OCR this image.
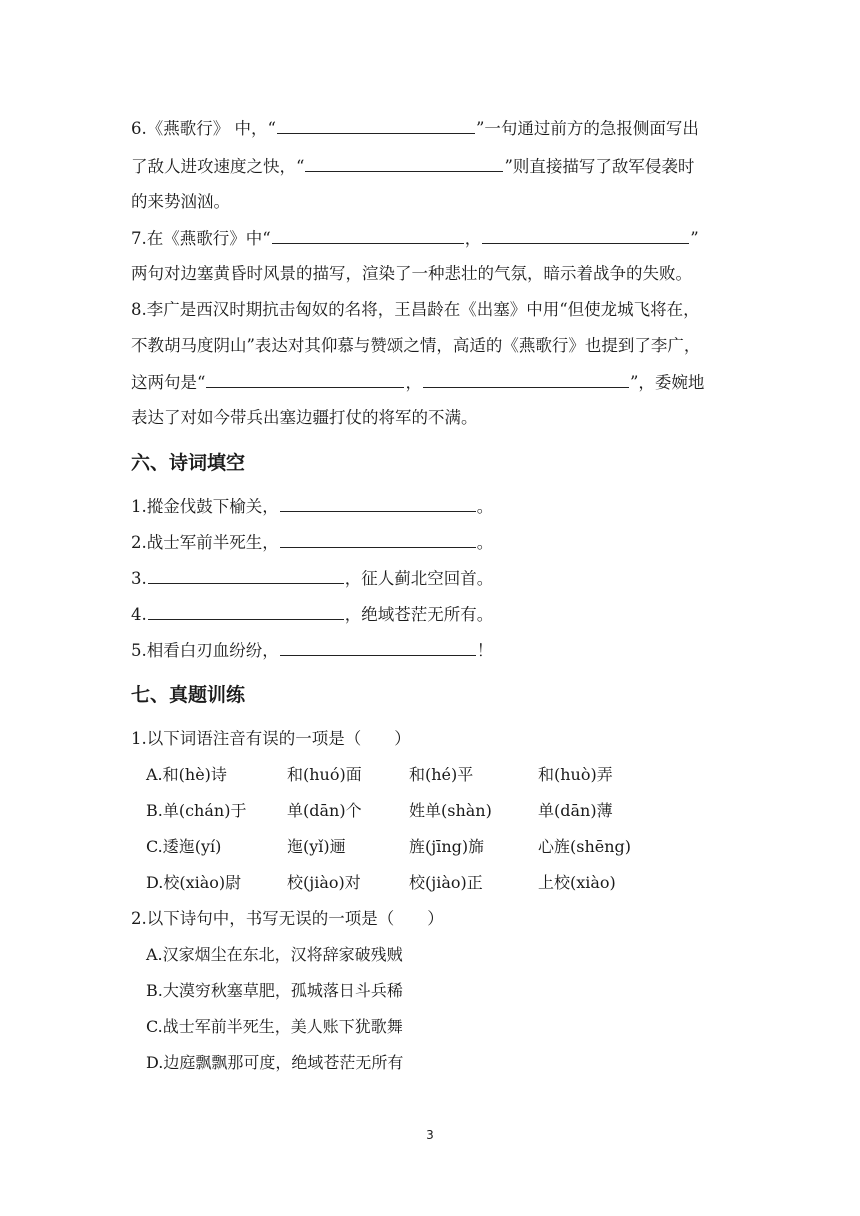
6.《燕歌行》 中，“	”一句通过前方的急报侧面写出
了敌人进攻速度之快，“	”则直接描写了敌军侵袭时
的来势汹汹。
7.在《燕歌行》中“	，	”
两句对边塞黄昏时风景的描写，渲染了一种悲壮的气氛，暗示着战争的失败。
8.李广是西汉时期抗击匈奴的名将，王昌龄在《出塞》中用“但使龙城飞将在，
不教胡马度阴山”表达对其仰慕与赞颂之情，高适的《燕歌行》也提到了李广，
这两句是“	，	”，委婉地
表达了对如今带兵出塞边疆打仗的将军的不满。
六、诗词填空
1.摐金伐鼓下榆关，	。
2.战士军前半死生，	。
3.	，征人蓟北空回首。
4.	，绝域苍茫无所有。
5.相看白刃血纷纷，	！
七、真题训练
1.以下词语注音有误的一项是（　　）
A.和(hè)诗	和(huó)面	和(hé)平	和(huò)弄
B.单(chán)于	单(dān)个	姓单(shàn)	单(dān)薄
C.逶迤(yí)	迤(yǐ)逦	旌(jīng)旆	心旌(shēng)
D.校(xiào)尉	校(jiào)对	校(jiào)正	上校(xiào)
2.以下诗句中，书写无误的一项是（　　）
A.汉家烟尘在东北，汉将辞家破残贼
B.大漠穷秋塞草肥，孤城落日斗兵稀
C.战士军前半死生，美人账下犹歌舞
D.边庭飘飘那可度，绝域苍茫无所有
3
